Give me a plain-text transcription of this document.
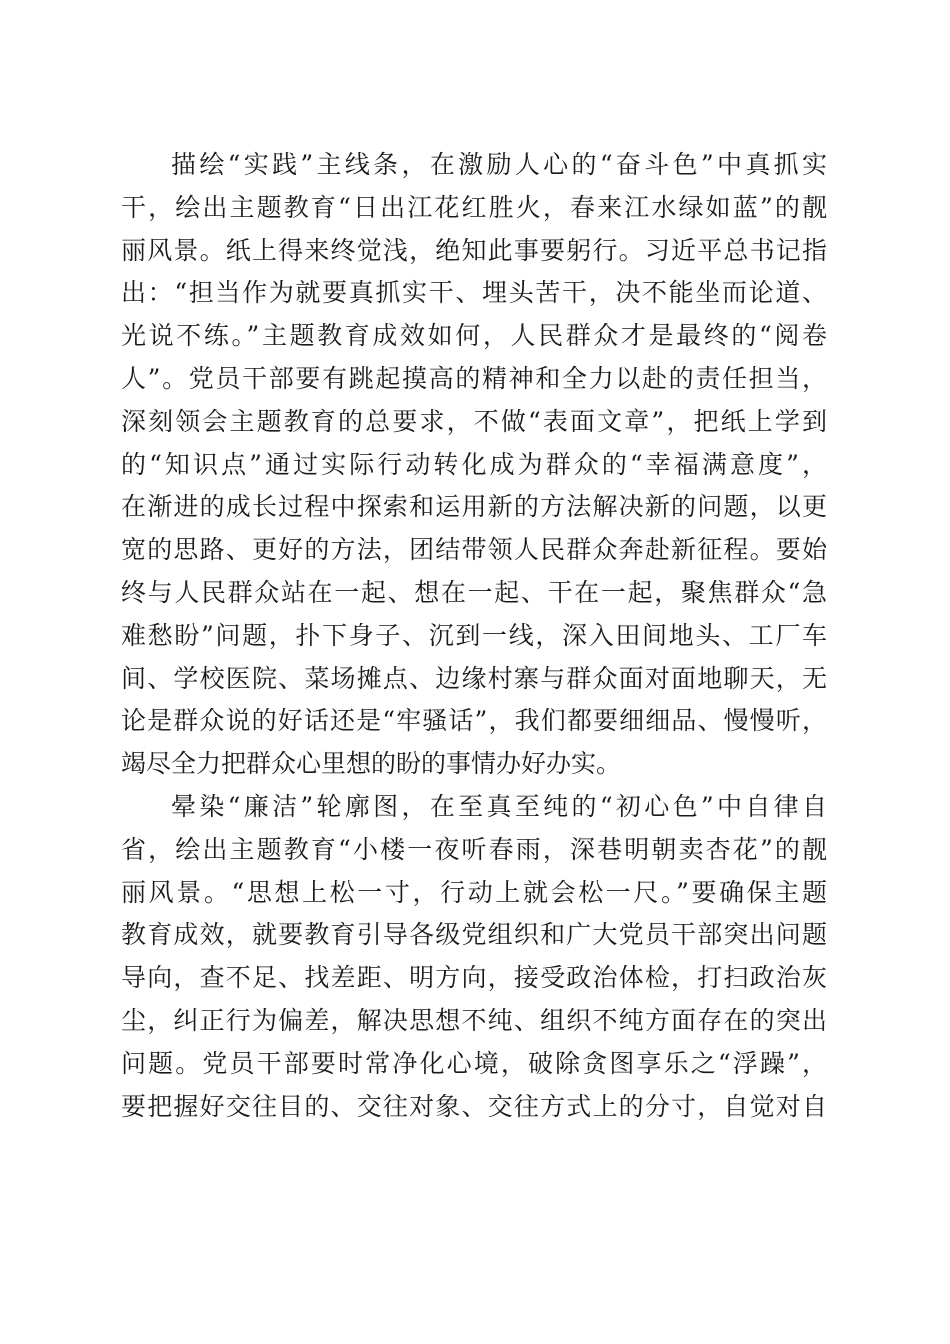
描绘“实践”主线条，在激励人心的“奋斗色”中真抓实
干，绘出主题教育“日出江花红胜火，春来江水绿如蓝”的靓
丽风景。纸上得来终觉浅，绝知此事要躬行。习近平总书记指
出：“担当作为就要真抓实干、埋头苦干，决不能坐而论道、
光说不练。”主题教育成效如何，人民群众才是最终的“阅卷
人”。党员干部要有跳起摸高的精神和全力以赴的责任担当，
深刻领会主题教育的总要求，不做“表面文章”，把纸上学到
的“知识点”通过实际行动转化成为群众的“幸福满意度”，
在渐进的成长过程中探索和运用新的方法解决新的问题，以更
宽的思路、更好的方法，团结带领人民群众奔赴新征程。要始
终与人民群众站在一起、想在一起、干在一起，聚焦群众“急
难愁盼”问题，扑下身子、沉到一线，深入田间地头、工厂车
间、学校医院、菜场摊点、边缘村寨与群众面对面地聊天，无
论是群众说的好话还是“牢骚话”，我们都要细细品、慢慢听，
竭尽全力把群众心里想的盼的事情办好办实。
晕染“廉洁”轮廓图，在至真至纯的“初心色”中自律自
省，绘出主题教育“小楼一夜听春雨，深巷明朝卖杏花”的靓
丽风景。“思想上松一寸，行动上就会松一尺。”要确保主题
教育成效，就要教育引导各级党组织和广大党员干部突出问题
导向，查不足、找差距、明方向，接受政治体检，打扫政治灰
尘，纠正行为偏差，解决思想不纯、组织不纯方面存在的突出
问题。党员干部要时常净化心境，破除贪图享乐之“浮躁”，
要把握好交往目的、交往对象、交往方式上的分寸，自觉对自
